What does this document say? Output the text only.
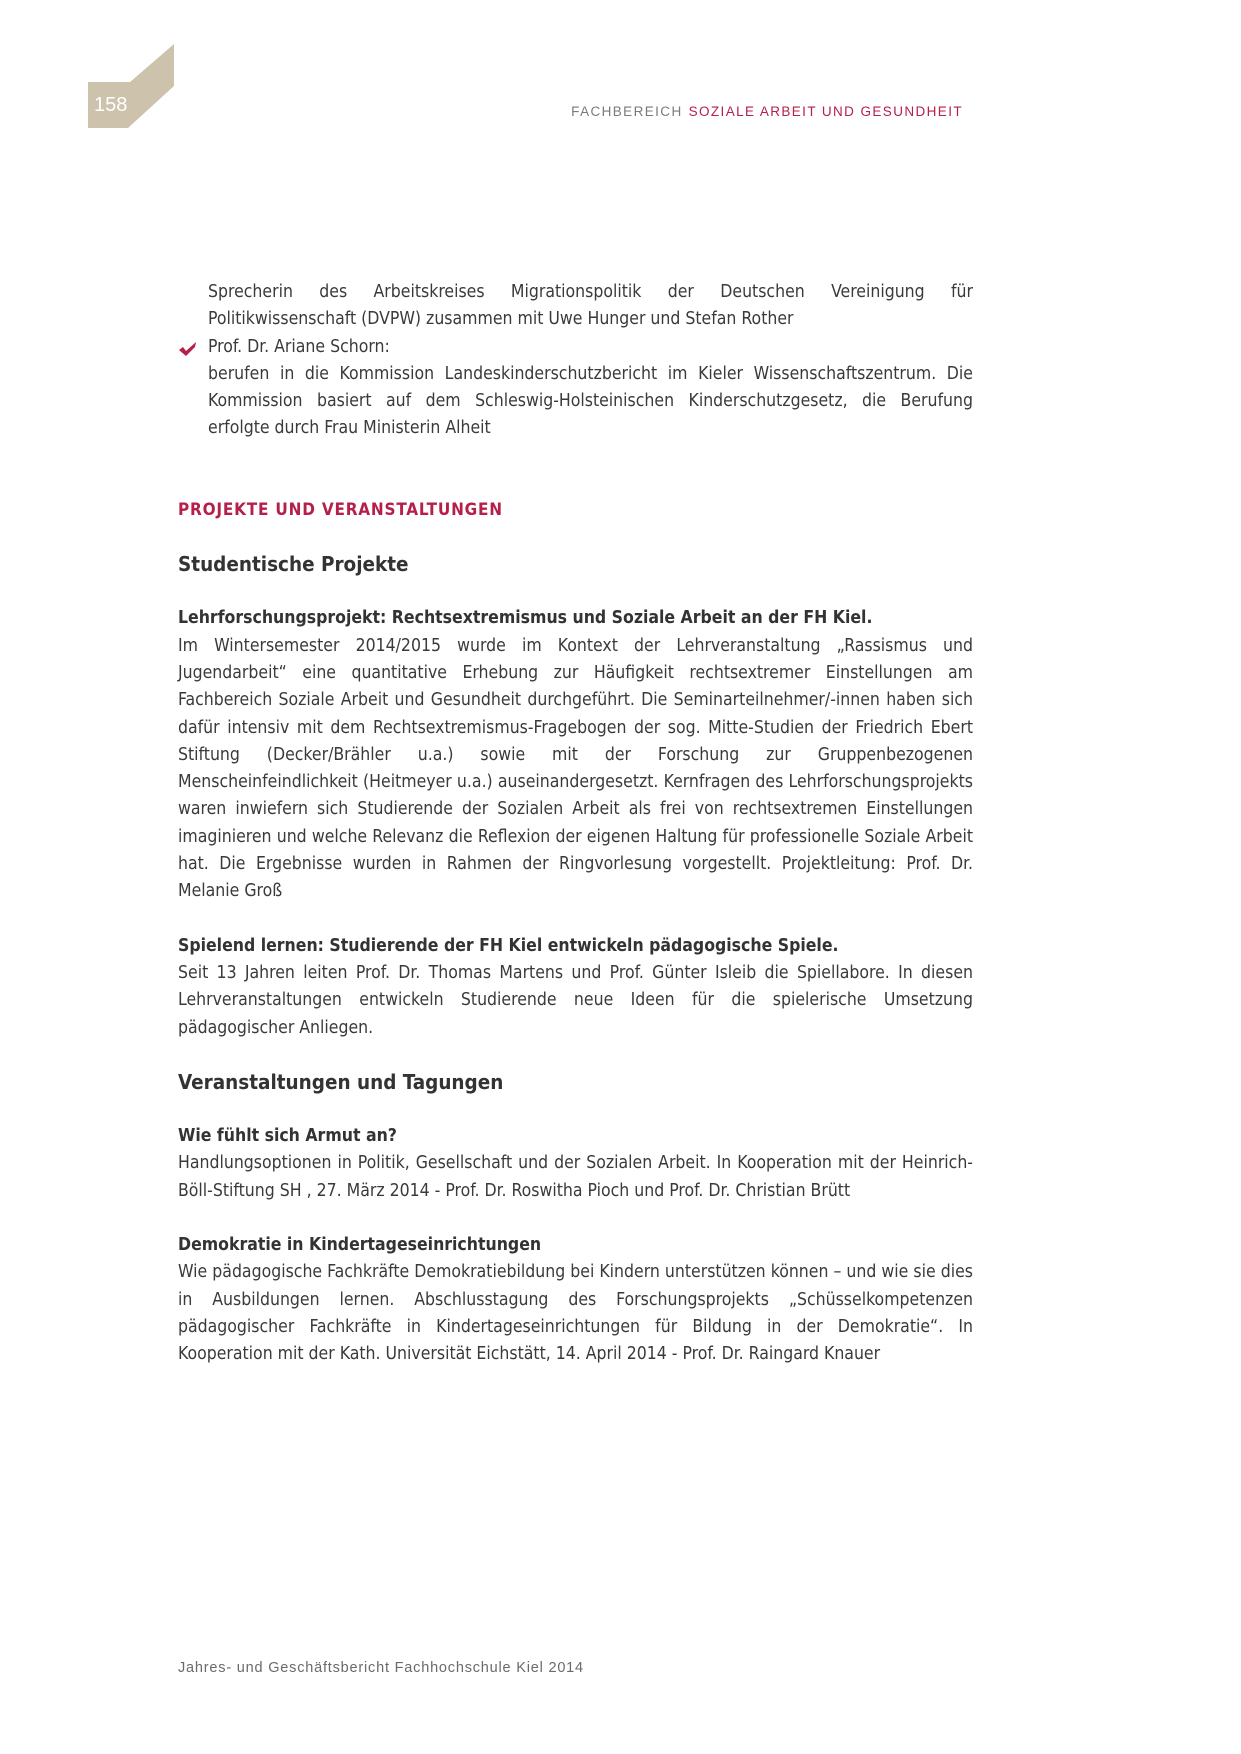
158	FACHBEREICH SOZIALE ARBEIT UND GESUNDHEIT

Sprecherin des Arbeitskreises Migrationspolitik der Deutschen Vereinigung für Politikwissenschaft (DVPW) zusammen mit Uwe Hunger und Stefan Rother

Prof. Dr. Ariane Schorn:

berufen in die Kommission Landeskinderschutzbericht im Kieler Wissenschaftszentrum. Die Kommission basiert auf dem Schleswig-Holsteinischen Kinderschutzgesetz, die Berufung erfolgte durch Frau Ministerin Alheit

PROJEKTE UND VERANSTALTUNGEN
Studentische Projekte
Lehrforschungsprojekt: Rechtsextremismus und Soziale Arbeit an der FH Kiel.

Im Wintersemester 2014/2015 wurde im Kontext der Lehrveranstaltung „Rassismus und Jugendarbeit“ eine quantitative Erhebung zur Häufigkeit rechtsextremer Einstellungen am Fachbereich Soziale Arbeit und Gesundheit durchgeführt. Die Seminarteilnehmer/-innen haben sich dafür intensiv mit dem Rechtsextremismus-Fragebogen der sog. Mitte-Studien der Friedrich Ebert Stiftung (Decker/Brähler u.a.) sowie mit der Forschung zur Gruppenbezogenen Menscheinfeindlichkeit (Heitmeyer u.a.) auseinandergesetzt. Kernfragen des Lehrforschungsprojekts waren inwiefern sich Studierende der Sozialen Arbeit als frei von rechtsextremen Einstellungen imaginieren und welche Relevanz die Reflexion der eigenen Haltung für professionelle Soziale Arbeit hat. Die Ergebnisse wurden in Rahmen der Ringvorlesung vorgestellt. Projektleitung: Prof. Dr. Melanie Groß

Spielend lernen: Studierende der FH Kiel entwickeln pädagogische Spiele.

Seit 13 Jahren leiten Prof. Dr. Thomas Martens und Prof. Günter Isleib die Spiellabore. In diesen Lehrveranstaltungen entwickeln Studierende neue Ideen für die spielerische Umsetzung pädagogischer Anliegen.

Veranstaltungen und Tagungen
Wie fühlt sich Armut an?

Handlungsoptionen in Politik, Gesellschaft und der Sozialen Arbeit. In Kooperation mit der Heinrich-Böll-Stiftung SH , 27. März 2014 - Prof. Dr. Roswitha Pioch und Prof. Dr. Christian Brütt

Demokratie in Kindertageseinrichtungen

Wie pädagogische Fachkräfte Demokratiebildung bei Kindern unterstützen können – und wie sie dies in Ausbildungen lernen. Abschlusstagung des Forschungsprojekts „Schüsselkompetenzen pädagogischer Fachkräfte in Kindertageseinrichtungen für Bildung in der Demokratie“. In Kooperation mit der Kath. Universität Eichstätt, 14. April 2014 - Prof. Dr. Raingard Knauer

Jahres- und Geschäftsbericht Fachhochschule Kiel 2014
